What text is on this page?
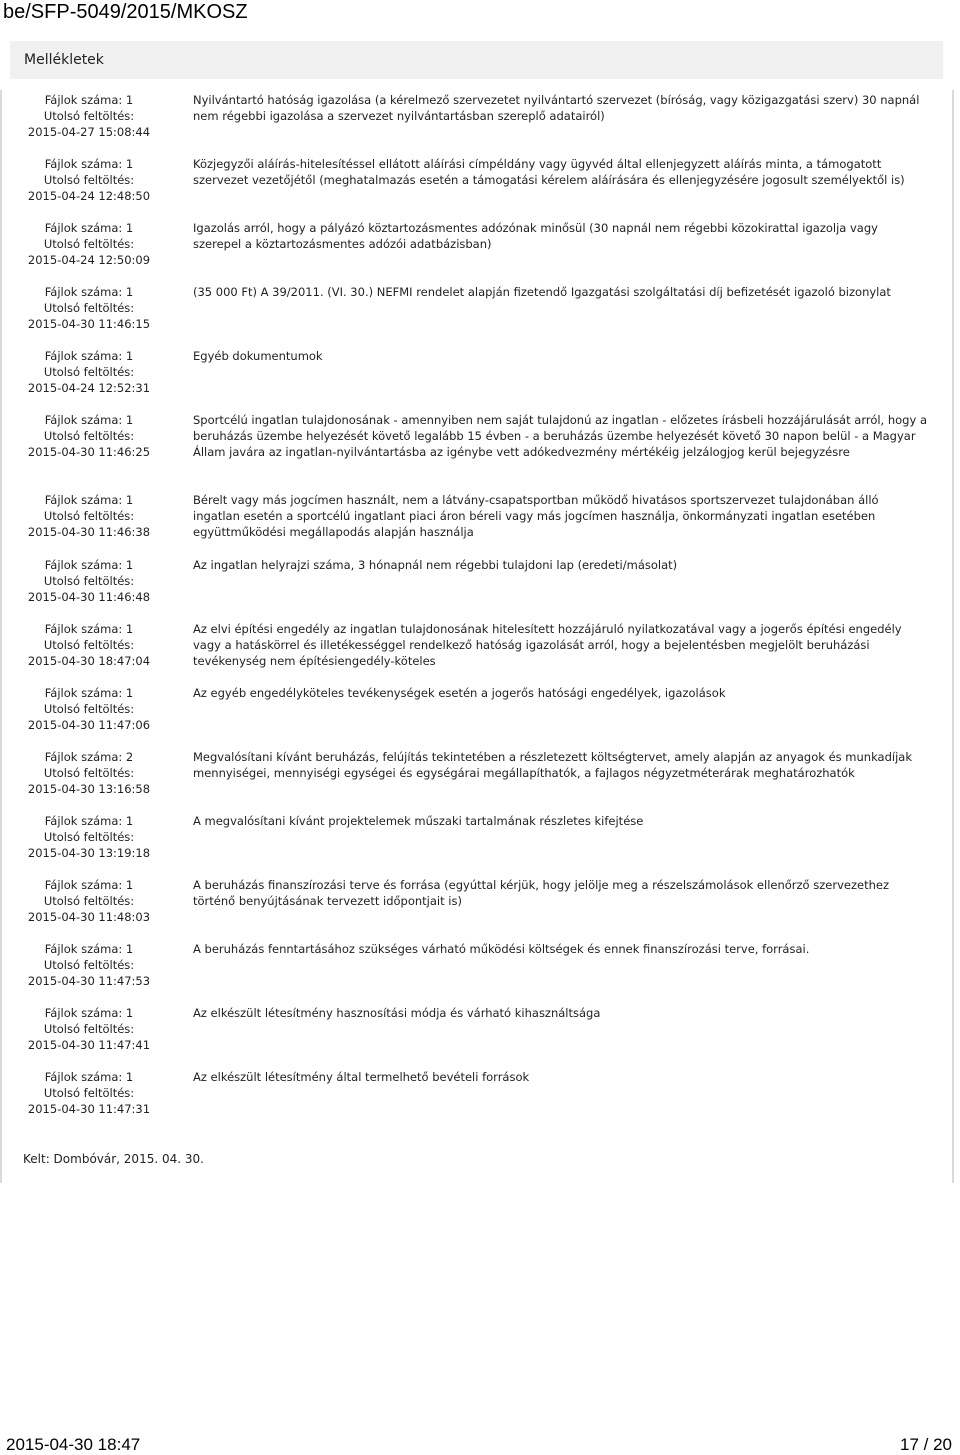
be/SFP-5049/2015/MKOSZ
Mellékletek
Fájlok száma: 1
Utolsó feltöltés:
2015-04-27 15:08:44
Nyilvántartó hatóság igazolása (a kérelmező szervezetet nyilvántartó szervezet (bíróság, vagy közigazgatási szerv) 30 napnál nem régebbi igazolása a szervezet nyilvántartásban szereplő adatairól)
Fájlok száma: 1
Utolsó feltöltés:
2015-04-24 12:48:50
Közjegyzői aláírás-hitelesítéssel ellátott aláírási címpéldány vagy ügyvéd által ellenjegyzett aláírás minta, a támogatott szervezet vezetőjétől (meghatalmazás esetén a támogatási kérelem aláírására és ellenjegyzésére jogosult személyektől is)
Fájlok száma: 1
Utolsó feltöltés:
2015-04-24 12:50:09
Igazolás arról, hogy a pályázó köztartozásmentes adózónak minősül (30 napnál nem régebbi közokirattal igazolja vagy szerepel a köztartozásmentes adózói adatbázisban)
Fájlok száma: 1
Utolsó feltöltés:
2015-04-30 11:46:15
(35 000 Ft) A 39/2011. (VI. 30.) NEFMI rendelet alapján fizetendő Igazgatási szolgáltatási díj befizetését igazoló bizonylat
Fájlok száma: 1
Utolsó feltöltés:
2015-04-24 12:52:31
Egyéb dokumentumok
Fájlok száma: 1
Utolsó feltöltés:
2015-04-30 11:46:25
Sportcélú ingatlan tulajdonosának - amennyiben nem saját tulajdonú az ingatlan - előzetes írásbeli hozzájárulását arról, hogy a beruházás üzembe helyezését követő legalább 15 évben - a beruházás üzembe helyezését követő 30 napon belül - a Magyar Állam javára az ingatlan-nyilvántartásba az igénybe vett adókedvezmény mértékéig jelzálogjog kerül bejegyzésre
Fájlok száma: 1
Utolsó feltöltés:
2015-04-30 11:46:38
Bérelt vagy más jogcímen használt, nem a látvány-csapatsportban működő hivatásos sportszervezet tulajdonában álló ingatlan esetén a sportcélú ingatlant piaci áron béreli vagy más jogcímen használja, önkormányzati ingatlan esetében együttműködési megállapodás alapján használja
Fájlok száma: 1
Utolsó feltöltés:
2015-04-30 11:46:48
Az ingatlan helyrajzi száma, 3 hónapnál nem régebbi tulajdoni lap (eredeti/másolat)
Fájlok száma: 1
Utolsó feltöltés:
2015-04-30 18:47:04
Az elvi építési engedély az ingatlan tulajdonosának hitelesített hozzájáruló nyilatkozatával vagy a jogerős építési engedély vagy a hatáskörrel és illetékességgel rendelkező hatóság igazolását arról, hogy a bejelentésben megjelölt beruházási tevékenység nem építésiengedély-köteles
Fájlok száma: 1
Utolsó feltöltés:
2015-04-30 11:47:06
Az egyéb engedélyköteles tevékenységek esetén a jogerős hatósági engedélyek, igazolások
Fájlok száma: 2
Utolsó feltöltés:
2015-04-30 13:16:58
Megvalósítani kívánt beruházás, felújítás tekintetében a részletezett költségtervet, amely alapján az anyagok és munkadíjak mennyiségei, mennyiségi egységei és egységárai megállapíthatók, a fajlagos négyzetméterárak meghatározhatók
Fájlok száma: 1
Utolsó feltöltés:
2015-04-30 13:19:18
A megvalósítani kívánt projektelemek műszaki tartalmának részletes kifejtése
Fájlok száma: 1
Utolsó feltöltés:
2015-04-30 11:48:03
A beruházás finanszírozási terve és forrása (egyúttal kérjük, hogy jelölje meg a részelszámolások ellenőrző szervezethez történő benyújtásának tervezett időpontjait is)
Fájlok száma: 1
Utolsó feltöltés:
2015-04-30 11:47:53
A beruházás fenntartásához szükséges várható működési költségek és ennek finanszírozási terve, forrásai.
Fájlok száma: 1
Utolsó feltöltés:
2015-04-30 11:47:41
Az elkészült létesítmény hasznosítási módja és várható kihasználtsága
Fájlok száma: 1
Utolsó feltöltés:
2015-04-30 11:47:31
Az elkészült létesítmény által termelhető bevételi források
Kelt: Dombóvár, 2015. 04. 30.
2015-04-30 18:47	17 / 20
